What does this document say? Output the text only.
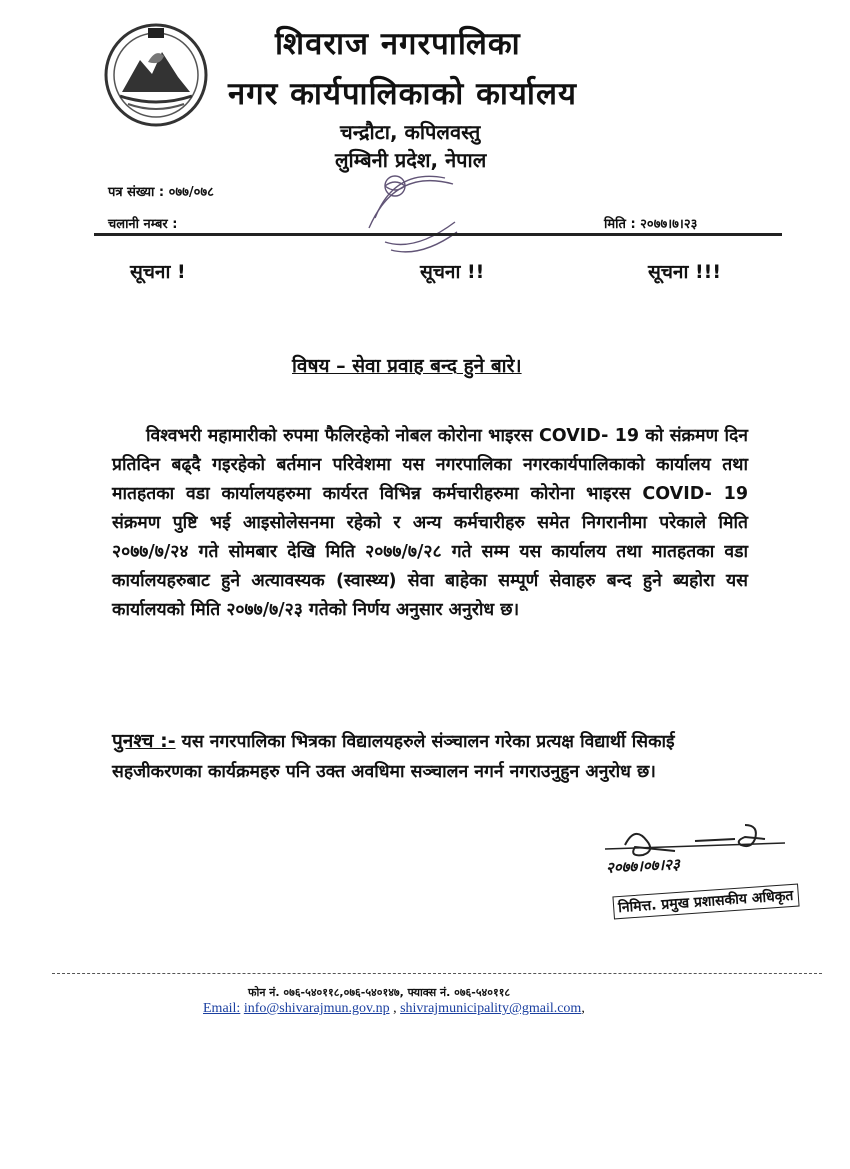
शिवराज नगरपालिका
नगर कार्यपालिकाको कार्यालय
चन्द्रौटा, कपिलवस्तु
लुम्बिनी प्रदेश, नेपाल
पत्र संख्या : ०७७/०७८
चलानी नम्बर :	मिति : २०७७।७।२३
सूचना !	सूचना !!	सूचना !!!
विषय – सेवा प्रवाह बन्द हुने बारे।

विश्वभरी महामारीको रुपमा फैलिरहेको नोबल कोरोना भाइरस COVID- 19 को संक्रमण दिन प्रतिदिन बढ्दै गइरहेको बर्तमान परिवेशमा यस नगरपालिका नगरकार्यपालिकाको कार्यालय तथा मातहतका वडा कार्यालयहरुमा कार्यरत विभिन्न कर्मचारीहरुमा कोरोना भाइरस COVID- 19 संक्रमण पुष्टि भई आइसोलेसनमा रहेको र अन्य कर्मचारीहरु समेत निगरानीमा परेकाले मिति २०७७/७/२४ गते सोमबार देखि मिति २०७७/७/२८ गते सम्म यस कार्यालय तथा मातहतका वडा कार्यालयहरुबाट हुने अत्यावस्यक (स्वास्थ्य) सेवा बाहेका सम्पूर्ण सेवाहरु बन्द हुने ब्यहोरा यस कार्यालयको मिति २०७७/७/२३ गतेको निर्णय अनुसार अनुरोध छ।

पुनश्च :- यस नगरपालिका भित्रका विद्यालयहरुले संञ्चालन गरेका प्रत्यक्ष विद्यार्थी सिकाई सहजीकरणका कार्यक्रमहरु पनि उक्त अवधिमा सञ्चालन नगर्न नगराउनुहुन अनुरोध छ।
२०७७।०७।२३
निमित्त. प्रमुख प्रशासकीय अधिकृत
फोन नं. ०७६-५४०११८,०७६-५४०१४७, फ्याक्स नं. ०७६-५४०११८
Email: info@shivarajmun.gov.np , shivrajmunicipality@gmail.com,
